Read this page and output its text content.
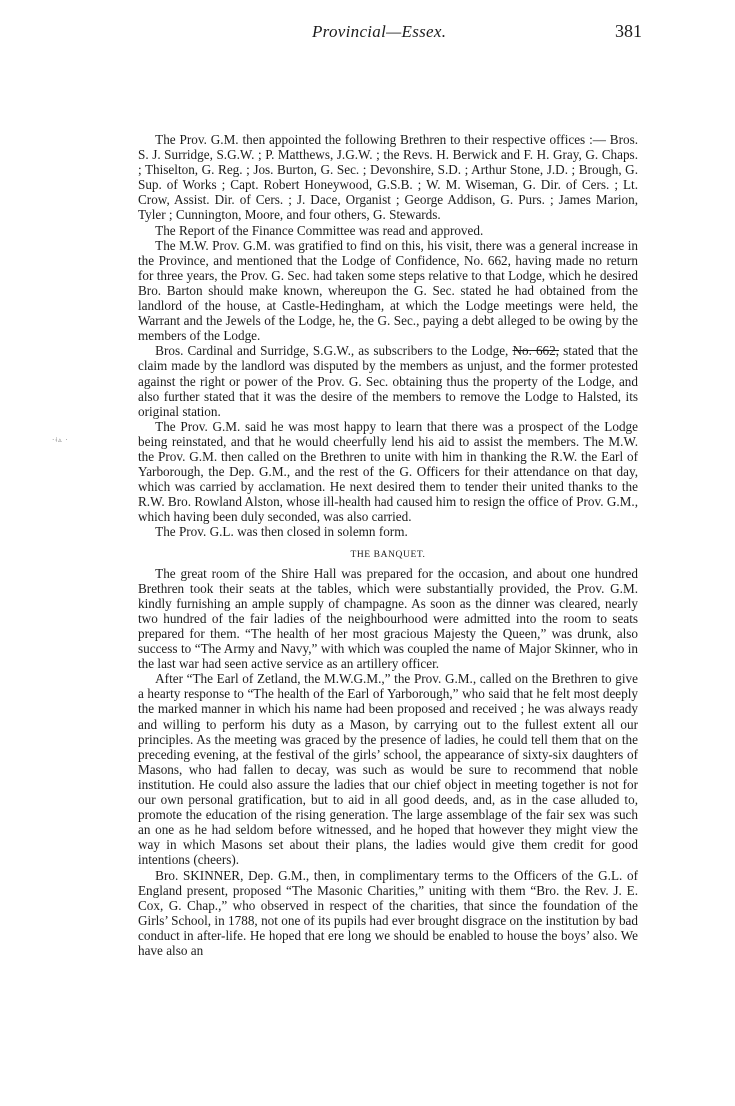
Provincial—Essex.	381

The Prov. G.M. then appointed the following Brethren to their respective offices :— Bros. S. J. Surridge, S.G.W. ; P. Matthews, J.G.W. ; the Revs. H. Berwick and F. H. Gray, G. Chaps. ; Thiselton, G. Reg. ; Jos. Burton, G. Sec. ; Devonshire, S.D. ; Arthur Stone, J.D. ; Brough, G. Sup. of Works ; Capt. Robert Honeywood, G.S.B. ; W. M. Wiseman, G. Dir. of Cers. ; Lt. Crow, Assist. Dir. of Cers. ; J. Dace, Organist ; George Addison, G. Purs. ; James Marion, Tyler ; Cunnington, Moore, and four others, G. Stewards.

The Report of the Finance Committee was read and approved.

The M.W. Prov. G.M. was gratified to find on this, his visit, there was a general increase in the Province, and mentioned that the Lodge of Confidence, No. 662, having made no return for three years, the Prov. G. Sec. had taken some steps relative to that Lodge, which he desired Bro. Barton should make known, whereupon the G. Sec. stated he had obtained from the landlord of the house, at Castle-Hedingham, at which the Lodge meetings were held, the Warrant and the Jewels of the Lodge, he, the G. Sec., paying a debt alleged to be owing by the members of the Lodge.

Bros. Cardinal and Surridge, S.G.W., as subscribers to the Lodge, No. 662, stated that the claim made by the landlord was disputed by the members as unjust, and the former protested against the right or power of the Prov. G. Sec. obtaining thus the property of the Lodge, and also further stated that it was the desire of the members to remove the Lodge to Halsted, its original station.

The Prov. G.M. said he was most happy to learn that there was a prospect of the Lodge being reinstated, and that he would cheerfully lend his aid to assist the members. The M.W. the Prov. G.M. then called on the Brethren to unite with him in thanking the R.W. the Earl of Yarborough, the Dep. G.M., and the rest of the G. Officers for their attendance on that day, which was carried by acclamation. He next desired them to tender their united thanks to the R.W. Bro. Rowland Alston, whose ill-health had caused him to resign the office of Prov. G.M., which having been duly seconded, was also carried.

The Prov. G.L. was then closed in solemn form.

THE BANQUET.

The great room of the Shire Hall was prepared for the occasion, and about one hundred Brethren took their seats at the tables, which were substantially provided, the Prov. G.M. kindly furnishing an ample supply of champagne. As soon as the dinner was cleared, nearly two hundred of the fair ladies of the neighbourhood were admitted into the room to seats prepared for them. “The health of her most gracious Majesty the Queen,” was drunk, also success to “The Army and Navy,” with which was coupled the name of Major Skinner, who in the last war had seen active service as an artillery officer.

After “The Earl of Zetland, the M.W.G.M.,” the Prov. G.M., called on the Brethren to give a hearty response to “The health of the Earl of Yarborough,” who said that he felt most deeply the marked manner in which his name had been proposed and received ; he was always ready and willing to perform his duty as a Mason, by carrying out to the fullest extent all our principles. As the meeting was graced by the presence of ladies, he could tell them that on the preceding evening, at the festival of the girls’ school, the appearance of sixty-six daughters of Masons, who had fallen to decay, was such as would be sure to recommend that noble institution. He could also assure the ladies that our chief object in meeting together is not for our own personal gratification, but to aid in all good deeds, and, as in the case alluded to, promote the education of the rising generation. The large assemblage of the fair sex was such an one as he had seldom before witnessed, and he hoped that however they might view the way in which Masons set about their plans, the ladies would give them credit for good intentions (cheers).

Bro. SKINNER, Dep. G.M., then, in complimentary terms to the Officers of the G.L. of England present, proposed “The Masonic Charities,” uniting with them “Bro. the Rev. J. E. Cox, G. Chap.,” who observed in respect of the charities, that since the foundation of the Girls’ School, in 1788, not one of its pupils had ever brought disgrace on the institution by bad conduct in after-life. He hoped that ere long we should be enabled to house the boys’ also. We have also an

·ǂ▵ ·
